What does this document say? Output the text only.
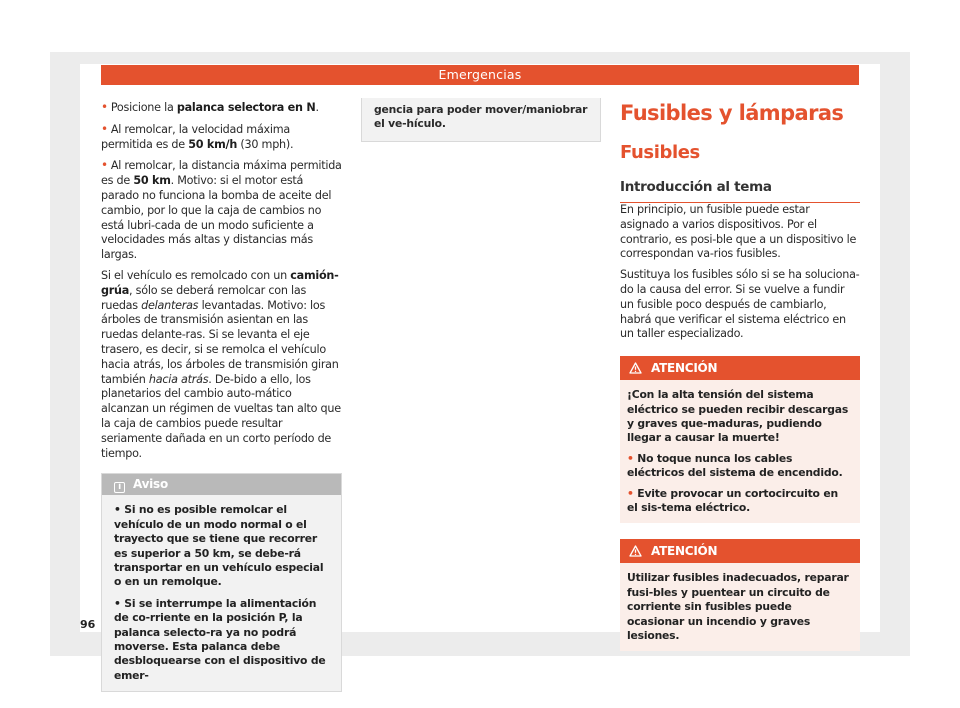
Emergencias
• Posicione la palanca selectora en N.
• Al remolcar, la velocidad máxima permitida es de 50 km/h (30 mph).
• Al remolcar, la distancia máxima permitida es de 50 km. Motivo: si el motor está parado no funciona la bomba de aceite del cambio, por lo que la caja de cambios no está lubri-cada de un modo suficiente a velocidades más altas y distancias más largas.

Si el vehículo es remolcado con un camión-grúa, sólo se deberá remolcar con las ruedas delanteras levantadas. Motivo: los árboles de transmisión asientan en las ruedas delante-ras. Si se levanta el eje trasero, es decir, si se remolca el vehículo hacia atrás, los árboles de transmisión giran también hacia atrás. De-bido a ello, los planetarios del cambio auto-mático alcanzan un régimen de vueltas tan alto que la caja de cambios puede resultar seriamente dañada en un corto período de tiempo.

i Aviso
• Si no es posible remolcar el vehículo de un modo normal o el trayecto que se tiene que recorrer es superior a 50 km, se debe-rá transportar en un vehículo especial o en un remolque.
• Si se interrumpe la alimentación de co-rriente en la posición P, la palanca selecto-ra ya no podrá moverse. Esta palanca debe desbloquearse con el dispositivo de emer-
gencia para poder mover/maniobrar el ve-hículo.	Fusibles y lámparas
Fusibles
Introducción al tema

En principio, un fusible puede estar asignado a varios dispositivos. Por el contrario, es posi-ble que a un dispositivo le correspondan va-rios fusibles.

Sustituya los fusibles sólo si se ha soluciona-do la causa del error. Si se vuelve a fundir un fusible poco después de cambiarlo, habrá que verificar el sistema eléctrico en un taller especializado.

ATENCIÓN
¡Con la alta tensión del sistema eléctrico se pueden recibir descargas y graves que-maduras, pudiendo llegar a causar la muerte!
• No toque nunca los cables eléctricos del sistema de encendido.
• Evite provocar un cortocircuito en el sis-tema eléctrico.
ATENCIÓN
Utilizar fusibles inadecuados, reparar fusi-bles y puentear un circuito de corriente sin fusibles puede ocasionar un incendio y graves lesiones.
96
